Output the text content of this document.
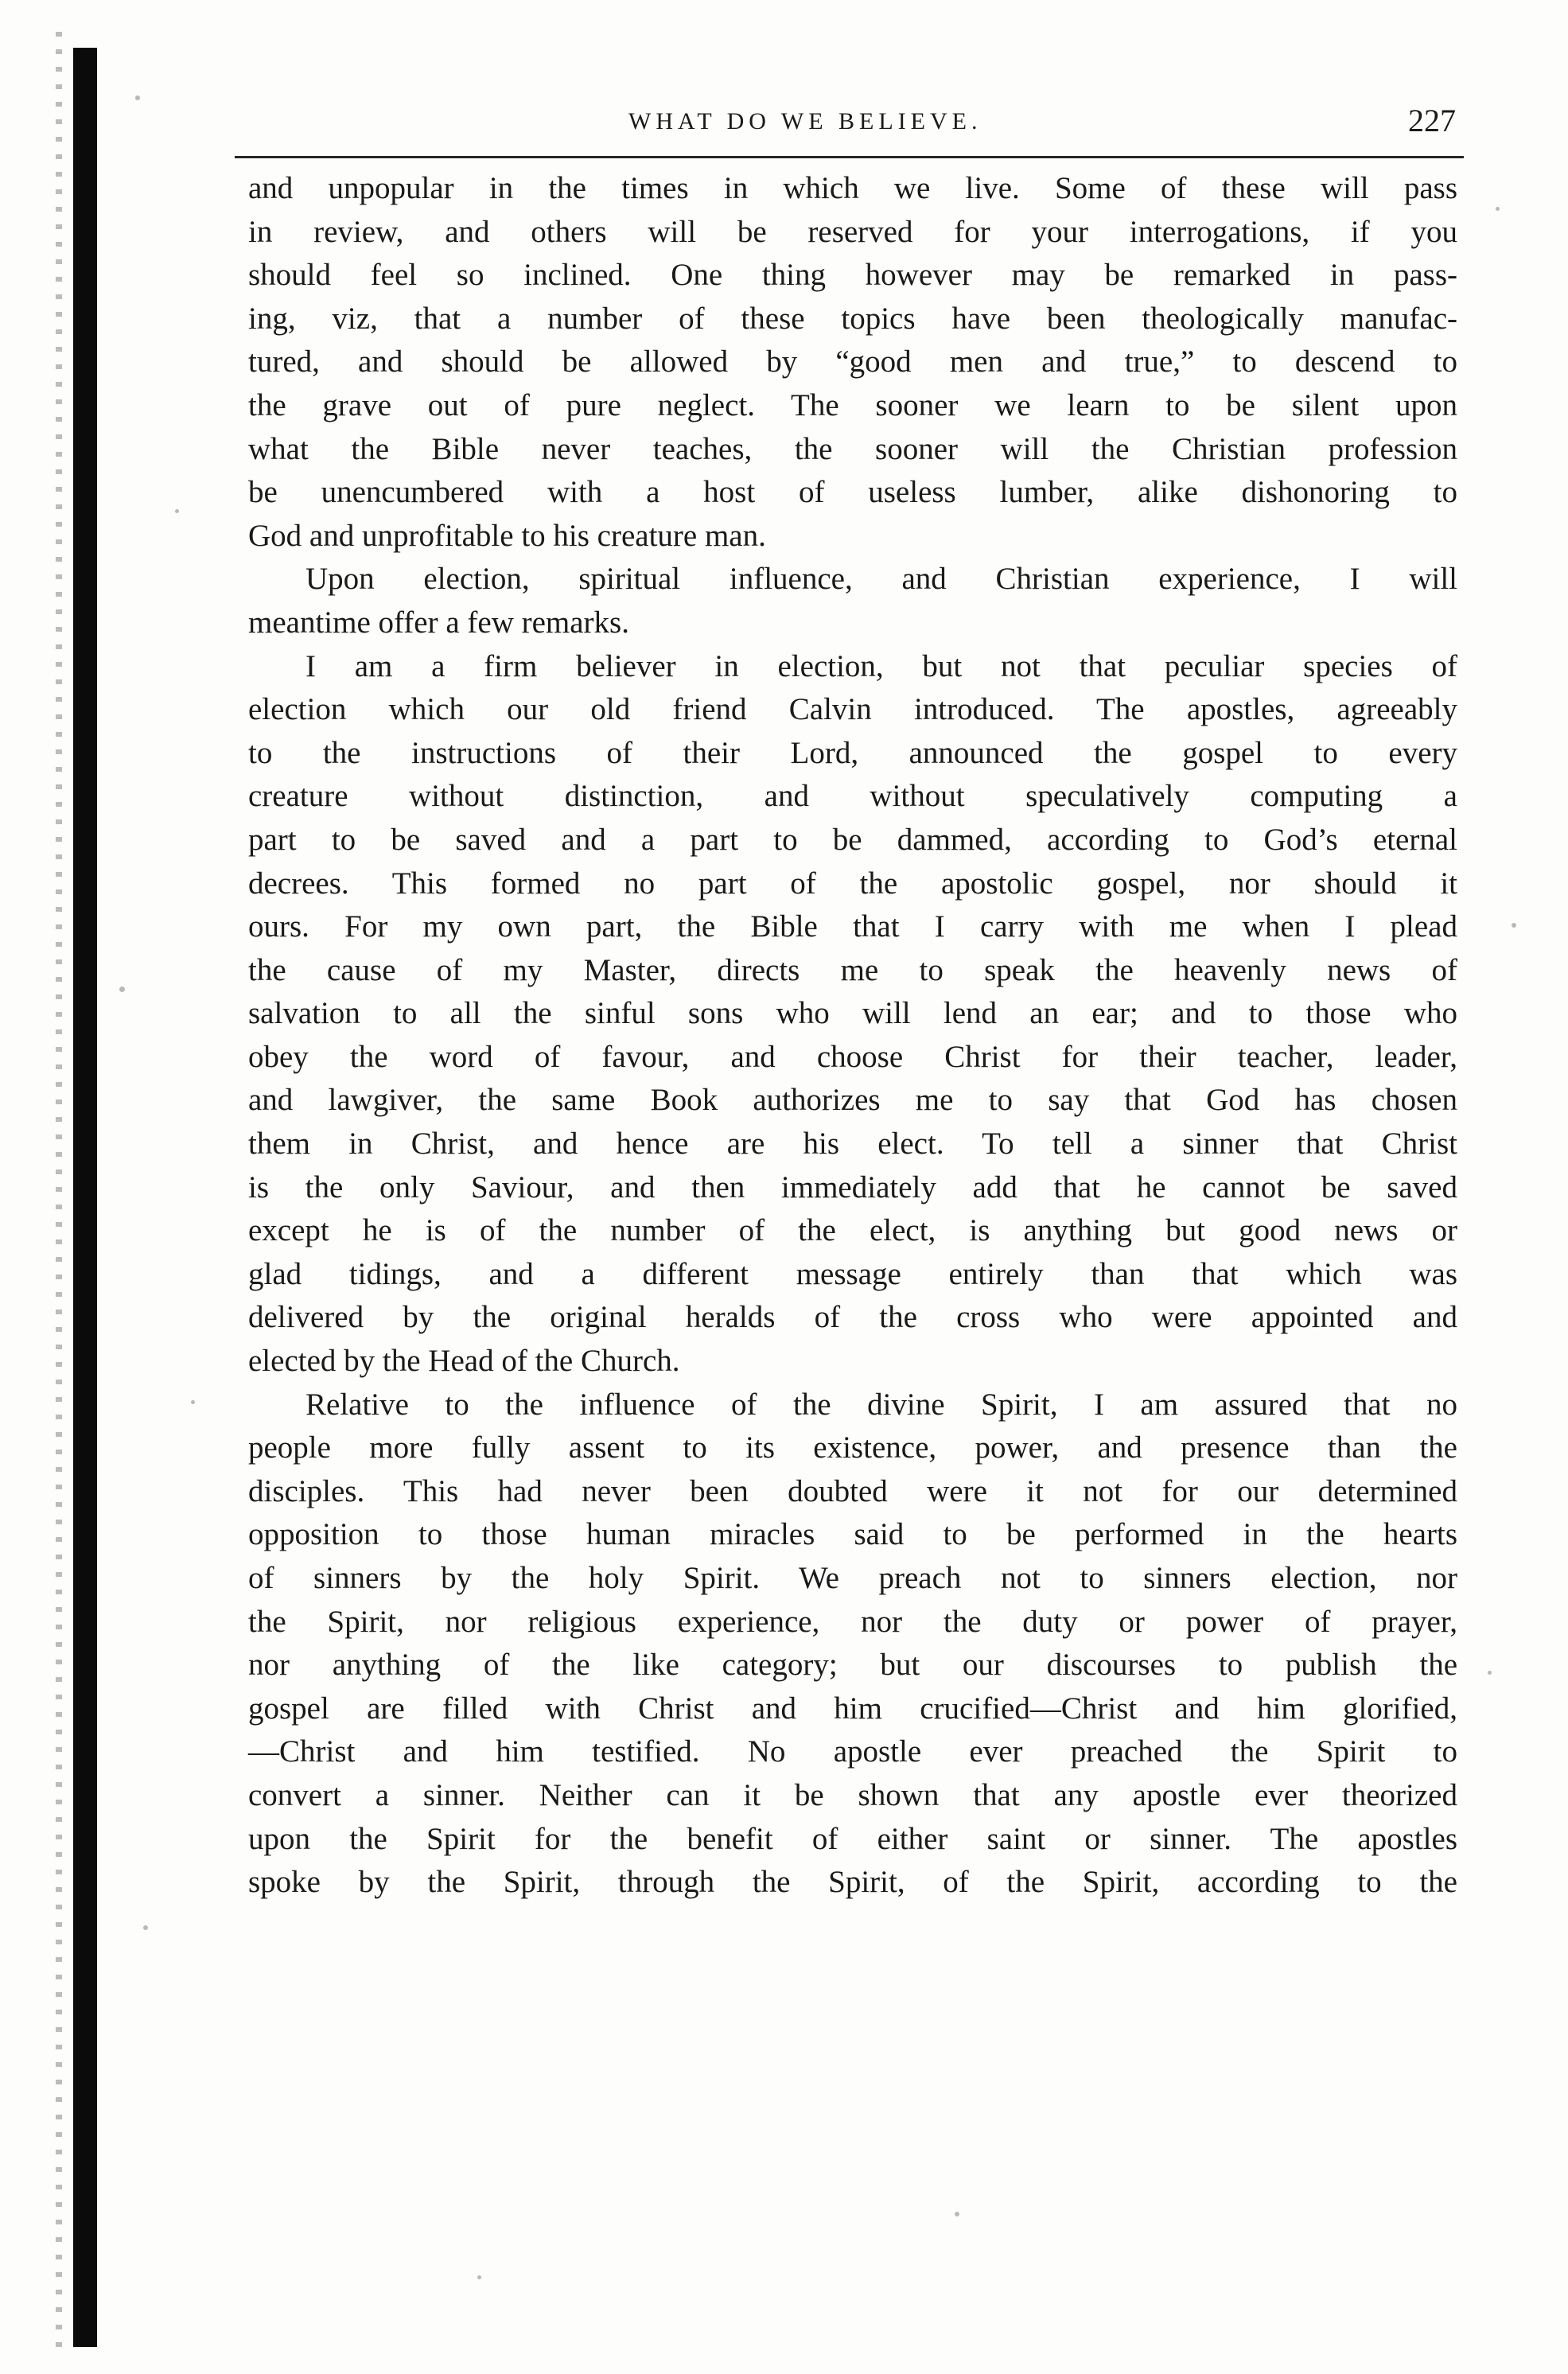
WHAT DO WE BELIEVE.	227
and unpopular in the times in which we live. Some of these will pass
in review, and others will be reserved for your interrogations, if you
should feel so inclined. One thing however may be remarked in pass-
ing, viz, that a number of these topics have been theologically manufac-
tured, and should be allowed by “good men and true,” to descend to
the grave out of pure neglect. The sooner we learn to be silent upon
what the Bible never teaches, the sooner will the Christian profession
be unencumbered with a host of useless lumber, alike dishonoring to
God and unprofitable to his creature man.
Upon election, spiritual influence, and Christian experience, I will
meantime offer a few remarks.
I am a firm believer in election, but not that peculiar species of
election which our old friend Calvin introduced. The apostles, agreeably
to the instructions of their Lord, announced the gospel to every
creature without distinction, and without speculatively computing a
part to be saved and a part to be dammed, according to God’s eternal
decrees. This formed no part of the apostolic gospel, nor should it
ours. For my own part, the Bible that I carry with me when I plead
the cause of my Master, directs me to speak the heavenly news of
salvation to all the sinful sons who will lend an ear; and to those who
obey the word of favour, and choose Christ for their teacher, leader,
and lawgiver, the same Book authorizes me to say that God has chosen
them in Christ, and hence are his elect. To tell a sinner that Christ
is the only Saviour, and then immediately add that he cannot be saved
except he is of the number of the elect, is anything but good news or
glad tidings, and a different message entirely than that which was
delivered by the original heralds of the cross who were appointed and
elected by the Head of the Church.
Relative to the influence of the divine Spirit, I am assured that no
people more fully assent to its existence, power, and presence than the
disciples. This had never been doubted were it not for our determined
opposition to those human miracles said to be performed in the hearts
of sinners by the holy Spirit. We preach not to sinners election, nor
the Spirit, nor religious experience, nor the duty or power of prayer,
nor anything of the like category; but our discourses to publish the
gospel are filled with Christ and him crucified—Christ and him glorified,
—Christ and him testified. No apostle ever preached the Spirit to
convert a sinner. Neither can it be shown that any apostle ever theorized
upon the Spirit for the benefit of either saint or sinner. The apostles
spoke by the Spirit, through the Spirit, of the Spirit, according to the
